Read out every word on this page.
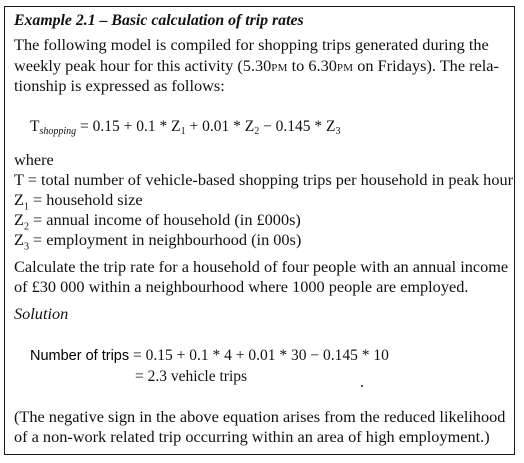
Example 2.1 – Basic calculation of trip rates
The following model is compiled for shopping trips generated during the
weekly peak hour for this activity (5.30PM to 6.30PM on Fridays). The rela-
tionship is expressed as follows:
$T_{shopping} = 0.15 + 0.1 * Z_1 + 0.01 * Z_2 - 0.145 * Z_3$
where
T = total number of vehicle-based shopping trips per household in peak hour
$Z_1$ = household size
$Z_2$ = annual income of household (in £000s)
$Z_3$ = employment in neighbourhood (in 00s)
Calculate the trip rate for a household of four people with an annual income
of £30 000 within a neighbourhood where 1000 people are employed.
Solution
Number of trips = 0.15 + 0.1 * 4 + 0.01 * 30 − 0.145 * 10
= 2.3 vehicle trips
(The negative sign in the above equation arises from the reduced likelihood
of a non-work related trip occurring within an area of high employment.)
